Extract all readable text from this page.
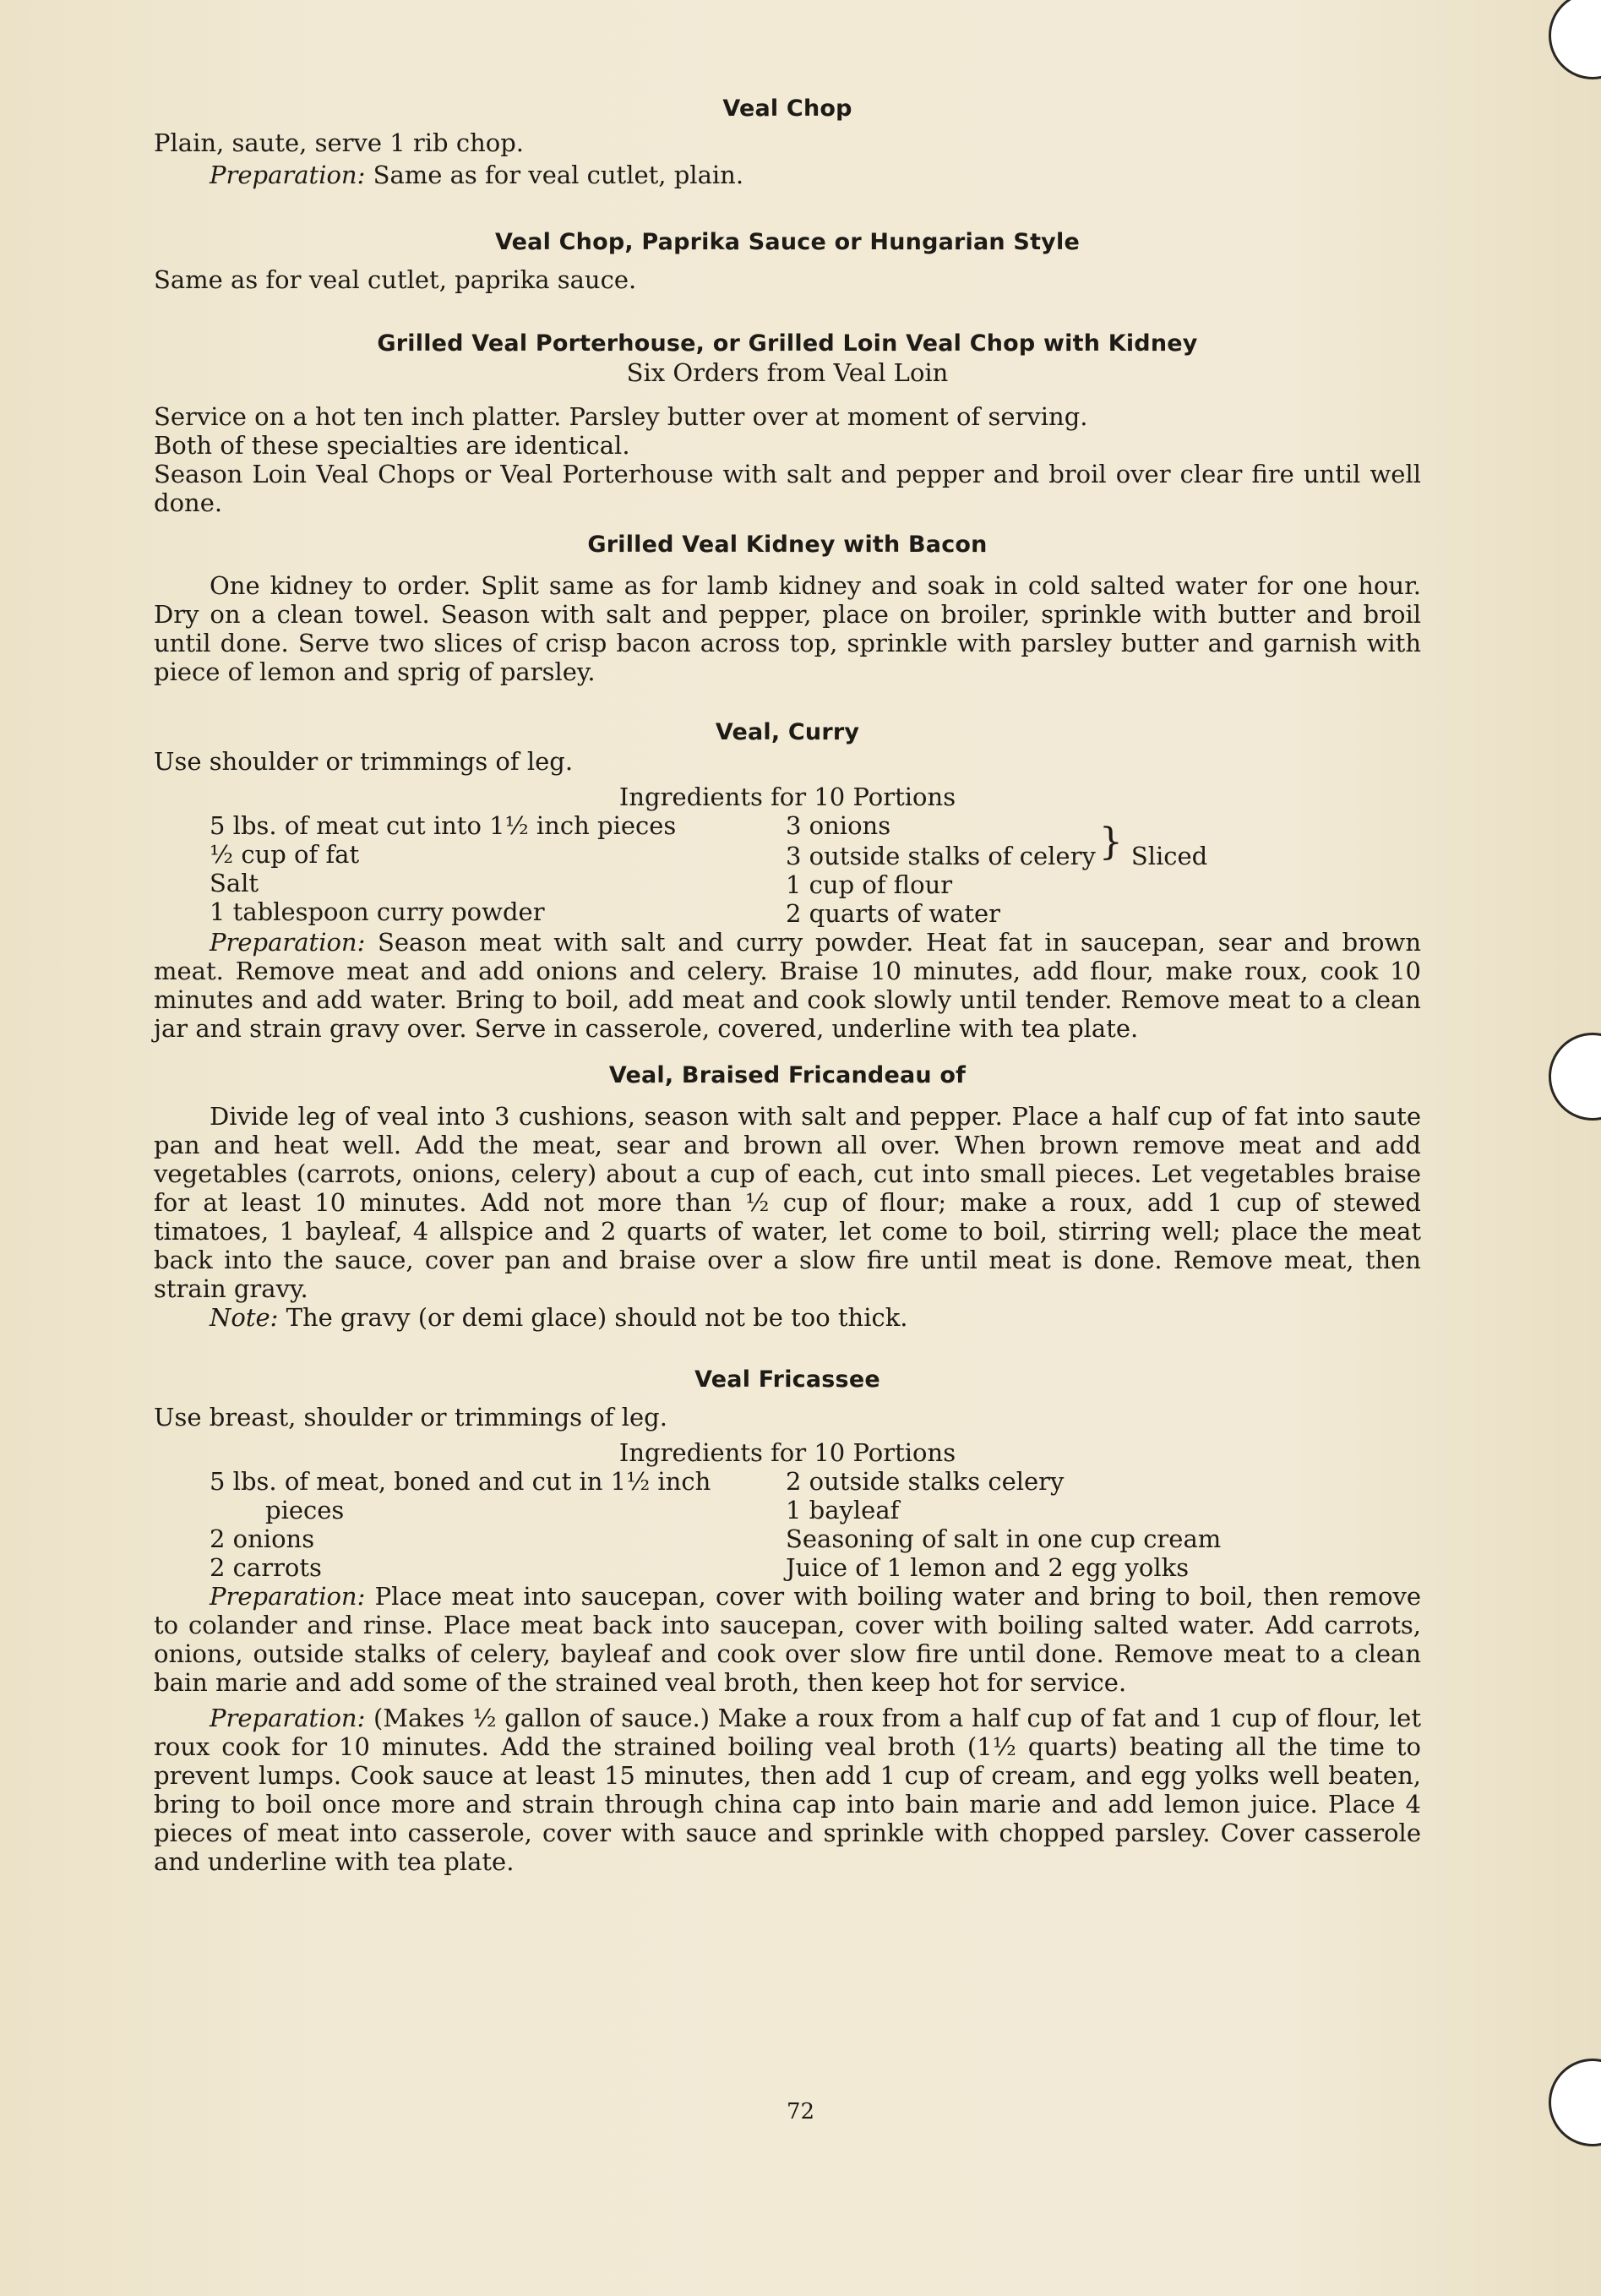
Veal Chop

Plain, saute, serve 1 rib chop.

Preparation: Same as for veal cutlet, plain.

Veal Chop, Paprika Sauce or Hungarian Style

Same as for veal cutlet, paprika sauce.

Grilled Veal Porterhouse, or Grilled Loin Veal Chop with Kidney

Six Orders from Veal Loin

Service on a hot ten inch platter. Parsley butter over at moment of serving.

Both of these specialties are identical.

Season Loin Veal Chops or Veal Porterhouse with salt and pepper and broil over clear fire until well done.

Grilled Veal Kidney with Bacon

One kidney to order. Split same as for lamb kidney and soak in cold salted water for one hour. Dry on a clean towel. Season with salt and pepper, place on broiler, sprinkle with butter and broil until done. Serve two slices of crisp bacon across top, sprinkle with parsley butter and garnish with piece of lemon and sprig of parsley.

Veal, Curry

Use shoulder or trimmings of leg.

Ingredients for 10 Portions

5 lbs. of meat cut into 1½ inch pieces
½ cup of fat
Salt
1 tablespoon curry powder
3 onions
3 outside stalks of celery} Sliced
1 cup of flour
2 quarts of water

Preparation: Season meat with salt and curry powder. Heat fat in saucepan, sear and brown meat. Remove meat and add onions and celery. Braise 10 minutes, add flour, make roux, cook 10 minutes and add water. Bring to boil, add meat and cook slowly until tender. Remove meat to a clean jar and strain gravy over. Serve in casserole, covered, underline with tea plate.

Veal, Braised Fricandeau of

Divide leg of veal into 3 cushions, season with salt and pepper. Place a half cup of fat into saute pan and heat well. Add the meat, sear and brown all over. When brown remove meat and add vegetables (carrots, onions, celery) about a cup of each, cut into small pieces. Let vegetables braise for at least 10 minutes. Add not more than ½ cup of flour; make a roux, add 1 cup of stewed timatoes, 1 bayleaf, 4 allspice and 2 quarts of water, let come to boil, stirring well; place the meat back into the sauce, cover pan and braise over a slow fire until meat is done. Remove meat, then strain gravy.

Note: The gravy (or demi glace) should not be too thick.

Veal Fricassee

Use breast, shoulder or trimmings of leg.

Ingredients for 10 Portions

5 lbs. of meat, boned and cut in 1½ inch
pieces
2 onions
2 carrots
2 outside stalks celery
1 bayleaf
Seasoning of salt in one cup cream
Juice of 1 lemon and 2 egg yolks

Preparation: Place meat into saucepan, cover with boiling water and bring to boil, then remove to colander and rinse. Place meat back into saucepan, cover with boiling salted water. Add carrots, onions, outside stalks of celery, bayleaf and cook over slow fire until done. Remove meat to a clean bain marie and add some of the strained veal broth, then keep hot for service.

Preparation: (Makes ½ gallon of sauce.) Make a roux from a half cup of fat and 1 cup of flour, let roux cook for 10 minutes. Add the strained boiling veal broth (1½ quarts) beating all the time to prevent lumps. Cook sauce at least 15 minutes, then add 1 cup of cream, and egg yolks well beaten, bring to boil once more and strain through china cap into bain marie and add lemon juice. Place 4 pieces of meat into casserole, cover with sauce and sprinkle with chopped parsley. Cover casserole and underline with tea plate.

72
